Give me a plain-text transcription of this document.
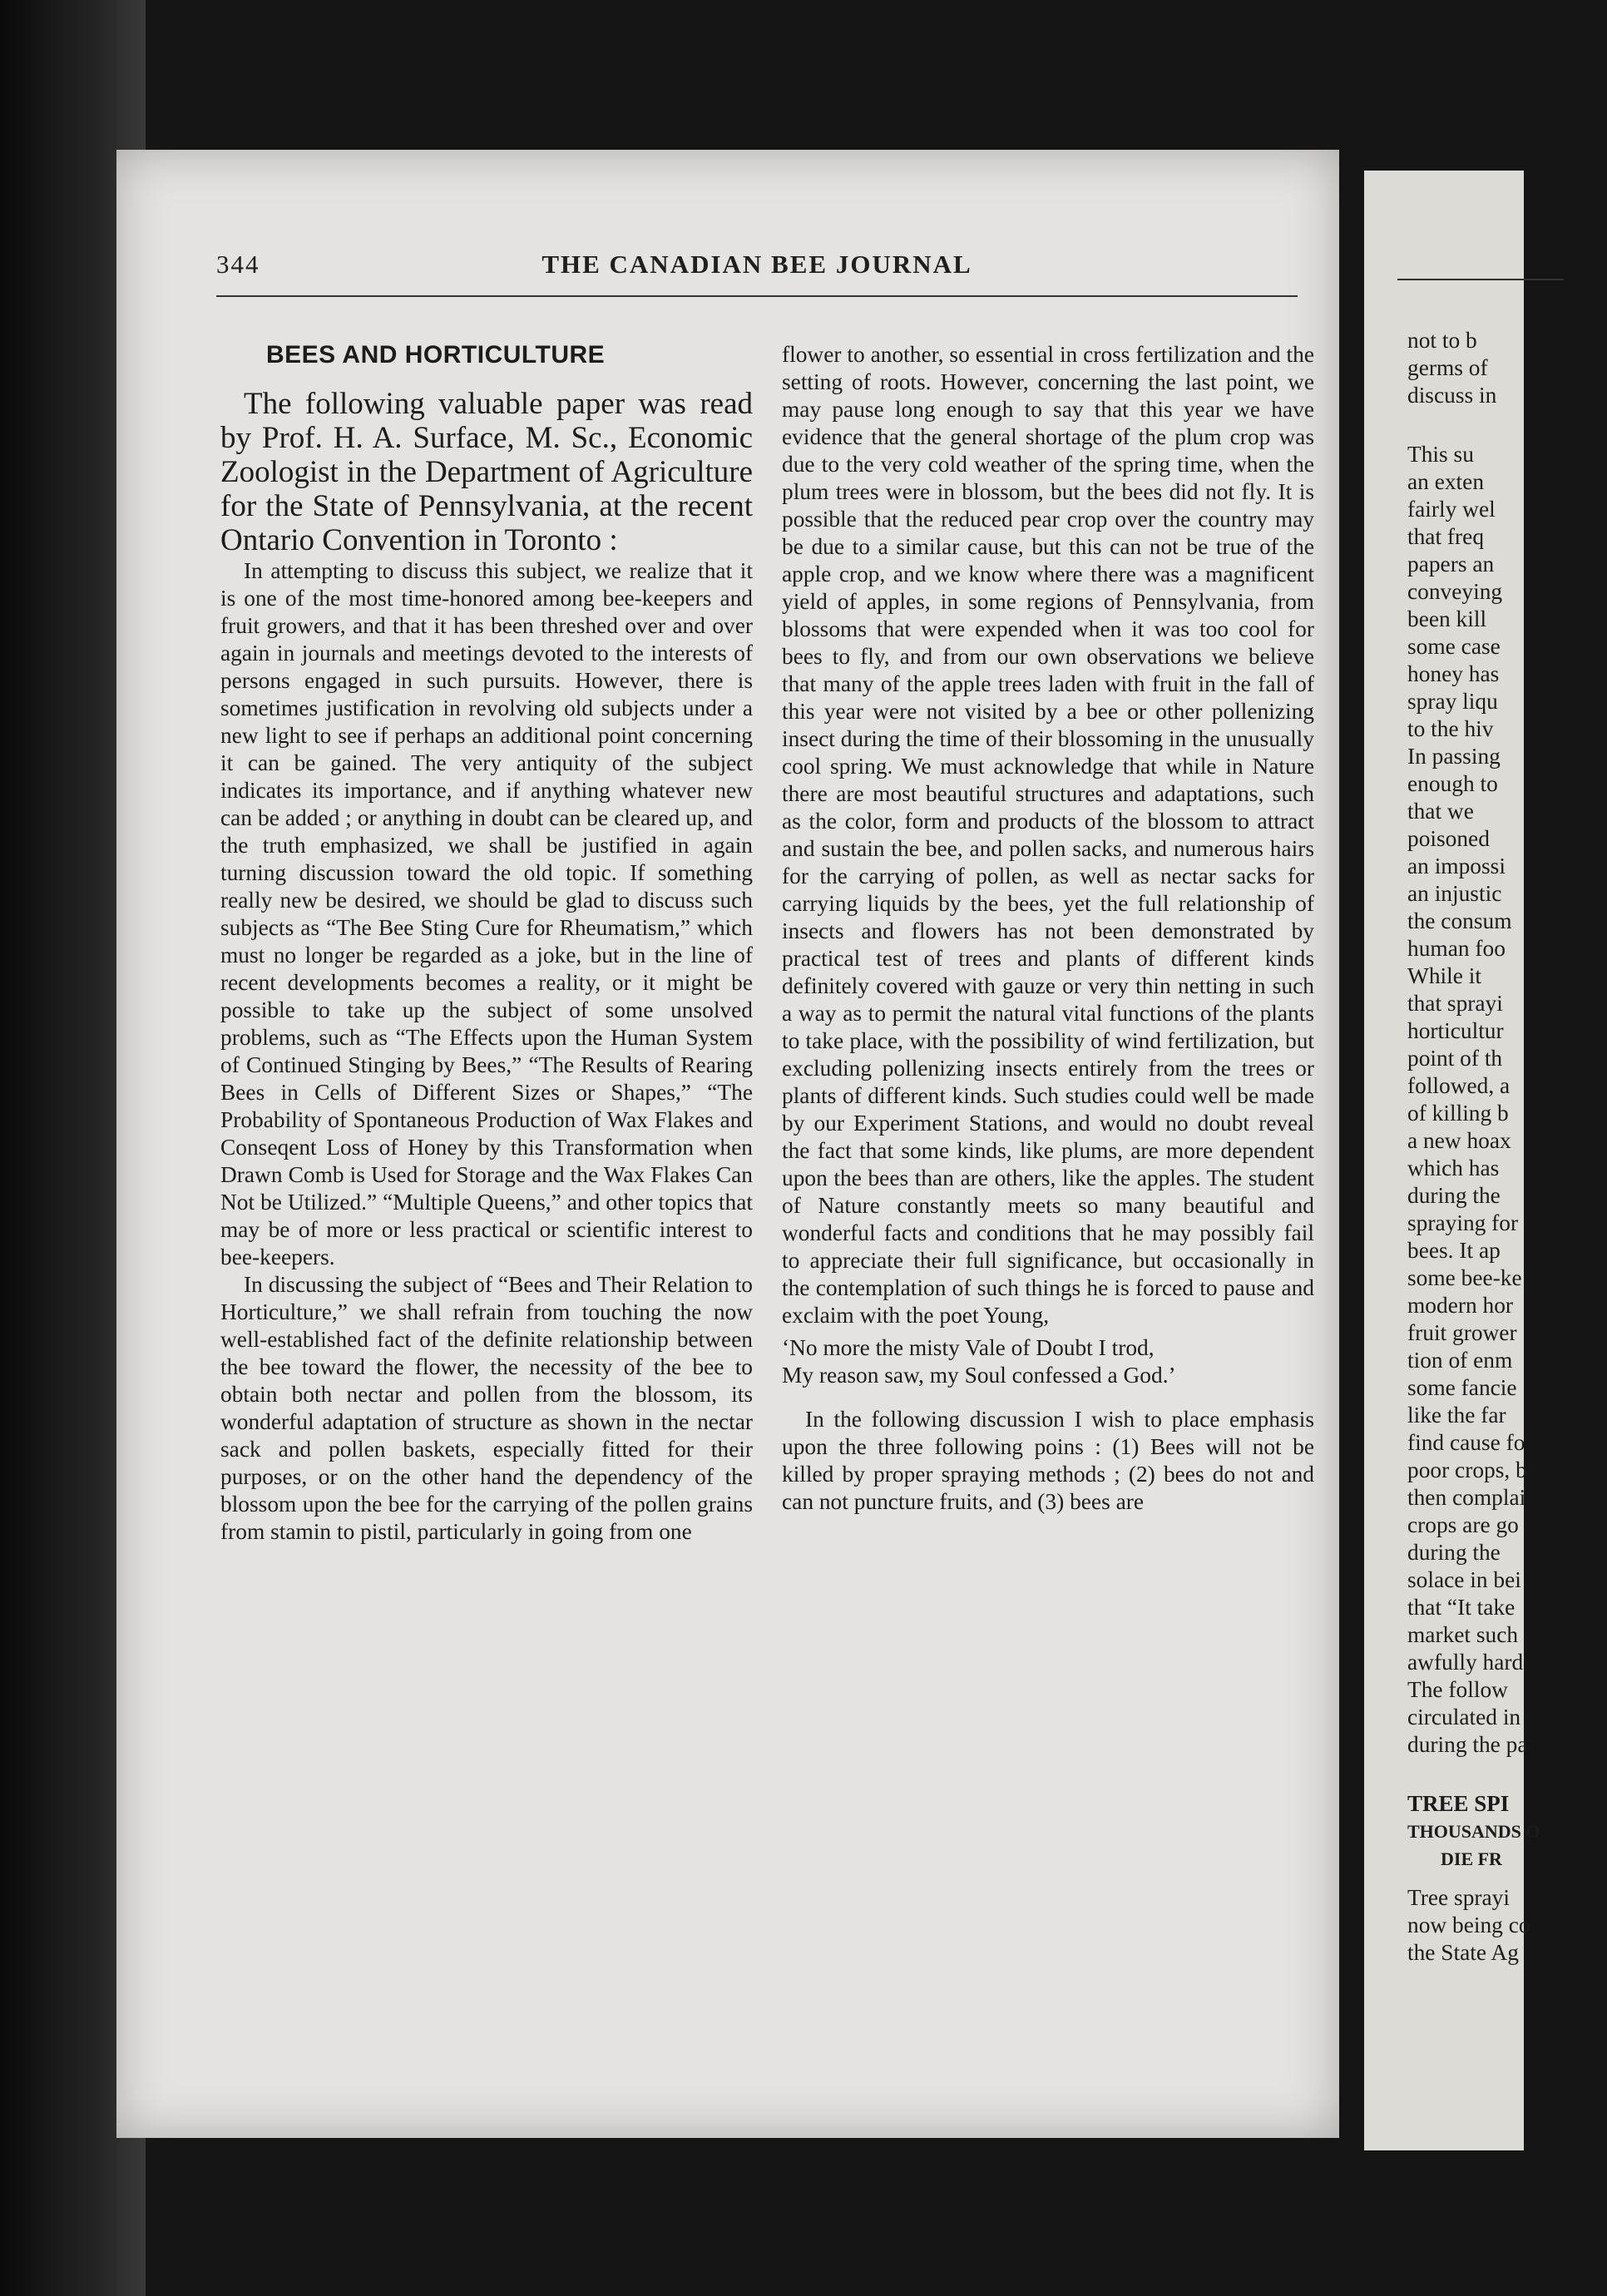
344	THE CANADIAN BEE JOURNAL
BEES AND HORTICULTURE

The following valuable paper was read by Prof. H. A. Surface, M. Sc., Economic Zoologist in the Department of Agriculture for the State of Pennsylvania, at the recent Ontario Convention in Toronto :

In attempting to discuss this subject, we realize that it is one of the most time-honored among bee-keepers and fruit growers, and that it has been threshed over and over again in journals and meetings devoted to the interests of persons engaged in such pursuits. However, there is sometimes justification in revolving old subjects under a new light to see if perhaps an additional point concerning it can be gained. The very antiquity of the subject indicates its importance, and if anything whatever new can be added ; or anything in doubt can be cleared up, and the truth emphasized, we shall be justified in again turning discussion toward the old topic. If something really new be desired, we should be glad to discuss such subjects as “The Bee Sting Cure for Rheumatism,” which must no longer be regarded as a joke, but in the line of recent developments becomes a reality, or it might be possible to take up the subject of some unsolved problems, such as “The Effects upon the Human System of Continued Stinging by Bees,” “The Results of Rearing Bees in Cells of Different Sizes or Shapes,” “The Probability of Spontaneous Production of Wax Flakes and Conseqent Loss of Honey by this Transformation when Drawn Comb is Used for Storage and the Wax Flakes Can Not be Utilized.” “Multiple Queens,” and other topics that may be of more or less practical or scientific interest to bee-keepers.

In discussing the subject of “Bees and Their Relation to Horticulture,” we shall refrain from touching the now well-established fact of the definite relationship between the bee toward the flower, the necessity of the bee to obtain both nectar and pollen from the blossom, its wonderful adaptation of structure as shown in the nectar sack and pollen baskets, especially fitted for their purposes, or on the other hand the dependency of the blossom upon the bee for the carrying of the pollen grains from stamin to pistil, particularly in going from one

flower to another, so essential in cross fertilization and the setting of roots. However, concerning the last point, we may pause long enough to say that this year we have evidence that the general shortage of the plum crop was due to the very cold weather of the spring time, when the plum trees were in blossom, but the bees did not fly. It is possible that the reduced pear crop over the country may be due to a similar cause, but this can not be true of the apple crop, and we know where there was a magnificent yield of apples, in some regions of Pennsylvania, from blossoms that were expended when it was too cool for bees to fly, and from our own observations we believe that many of the apple trees laden with fruit in the fall of this year were not visited by a bee or other pollenizing insect during the time of their blossoming in the unusually cool spring. We must acknowledge that while in Nature there are most beautiful structures and adaptations, such as the color, form and products of the blossom to attract and sustain the bee, and pollen sacks, and numerous hairs for the carrying of pollen, as well as nectar sacks for carrying liquids by the bees, yet the full relationship of insects and flowers has not been demonstrated by practical test of trees and plants of different kinds definitely covered with gauze or very thin netting in such a way as to permit the natural vital functions of the plants to take place, with the possibility of wind fertilization, but excluding pollenizing insects entirely from the trees or plants of different kinds. Such studies could well be made by our Experiment Stations, and would no doubt reveal the fact that some kinds, like plums, are more dependent upon the bees than are others, like the apples. The student of Nature constantly meets so many beautiful and wonderful facts and conditions that he may possibly fail to appreciate their full significance, but occasionally in the contemplation of such things he is forced to pause and exclaim with the poet Young,

‘No more the misty Vale of Doubt I trod,
My reason saw, my Soul confessed a God.’

In the following discussion I wish to place emphasis upon the three following poins : (1) Bees will not be killed by proper spraying methods ; (2) bees do not and can not puncture fruits, and (3) bees are

not to b
germs of
discuss in
This su
an exten
fairly wel
that freq
papers an
conveying
been kill
some case
honey has
spray liqu
to the hiv
In passing
enough to
that we
poisoned
an impossi
an injustic
the consum
human foo
While it
that sprayi
horticultur
point of th
followed, a
of killing b
a new hoax
which has
during the
spraying for
bees. It ap
some bee-ke
modern hor
fruit grower
tion of enm
some fancie
like the far
find cause fo
poor crops, b
then complai
crops are go
during the
solace in bei
that “It take
market such
awfully hard
The follow
circulated in
during the pa
TREE SPI
THOUSANDS O
DIE FR
Tree sprayi
now being co
the State Ag
